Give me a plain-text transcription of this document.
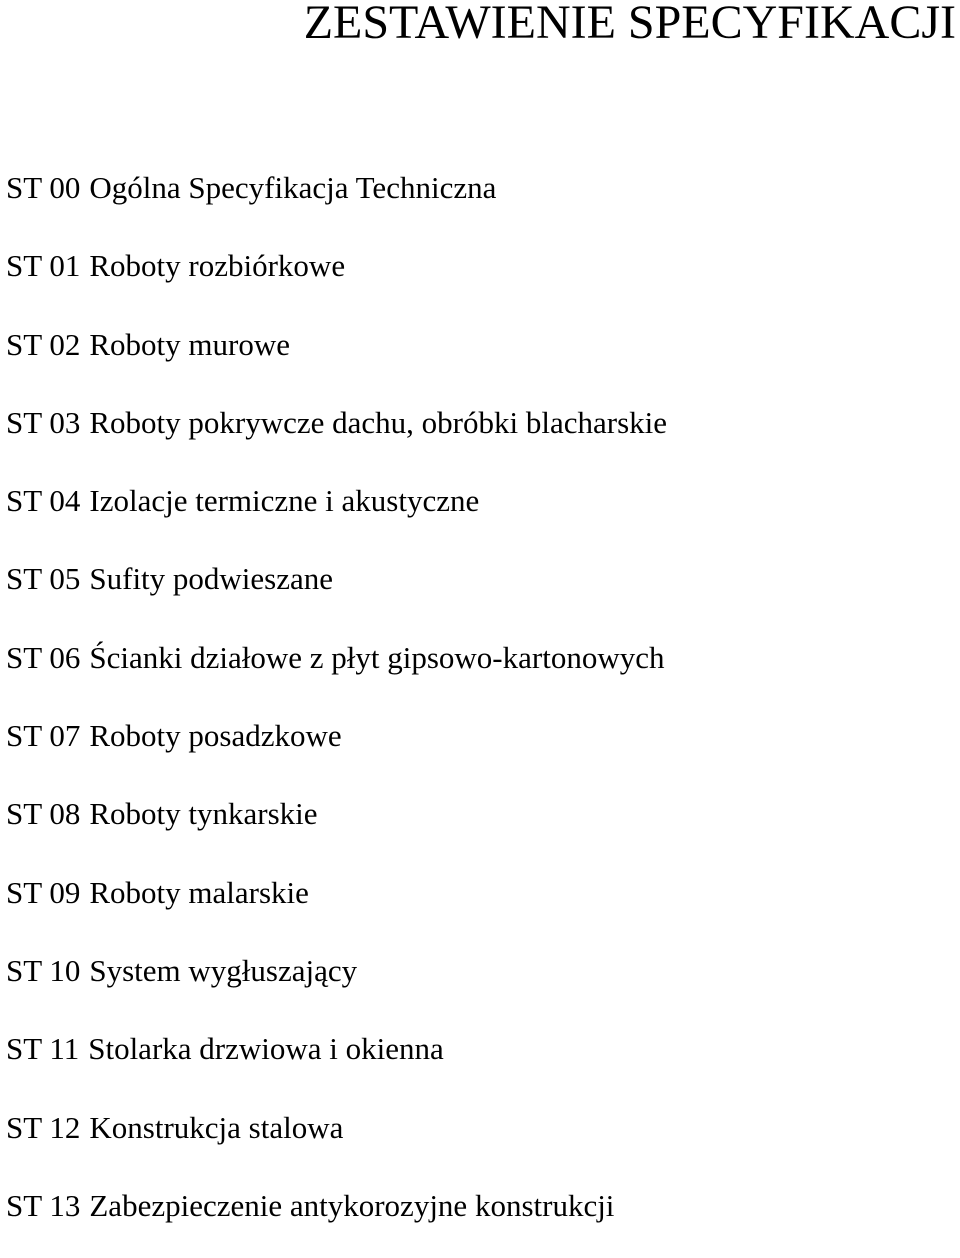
ZESTAWIENIE SPECYFIKACJI
ST 00 Ogólna Specyfikacja Techniczna
ST 01 Roboty rozbiórkowe
ST 02 Roboty murowe
ST 03 Roboty pokrywcze dachu, obróbki blacharskie
ST 04 Izolacje termiczne i akustyczne
ST 05 Sufity podwieszane
ST 06 Ścianki działowe z płyt gipsowo-kartonowych
ST 07 Roboty posadzkowe
ST 08 Roboty tynkarskie
ST 09 Roboty malarskie
ST 10 System wygłuszający
ST 11 Stolarka drzwiowa i okienna
ST 12 Konstrukcja stalowa
ST 13 Zabezpieczenie antykorozyjne konstrukcji
